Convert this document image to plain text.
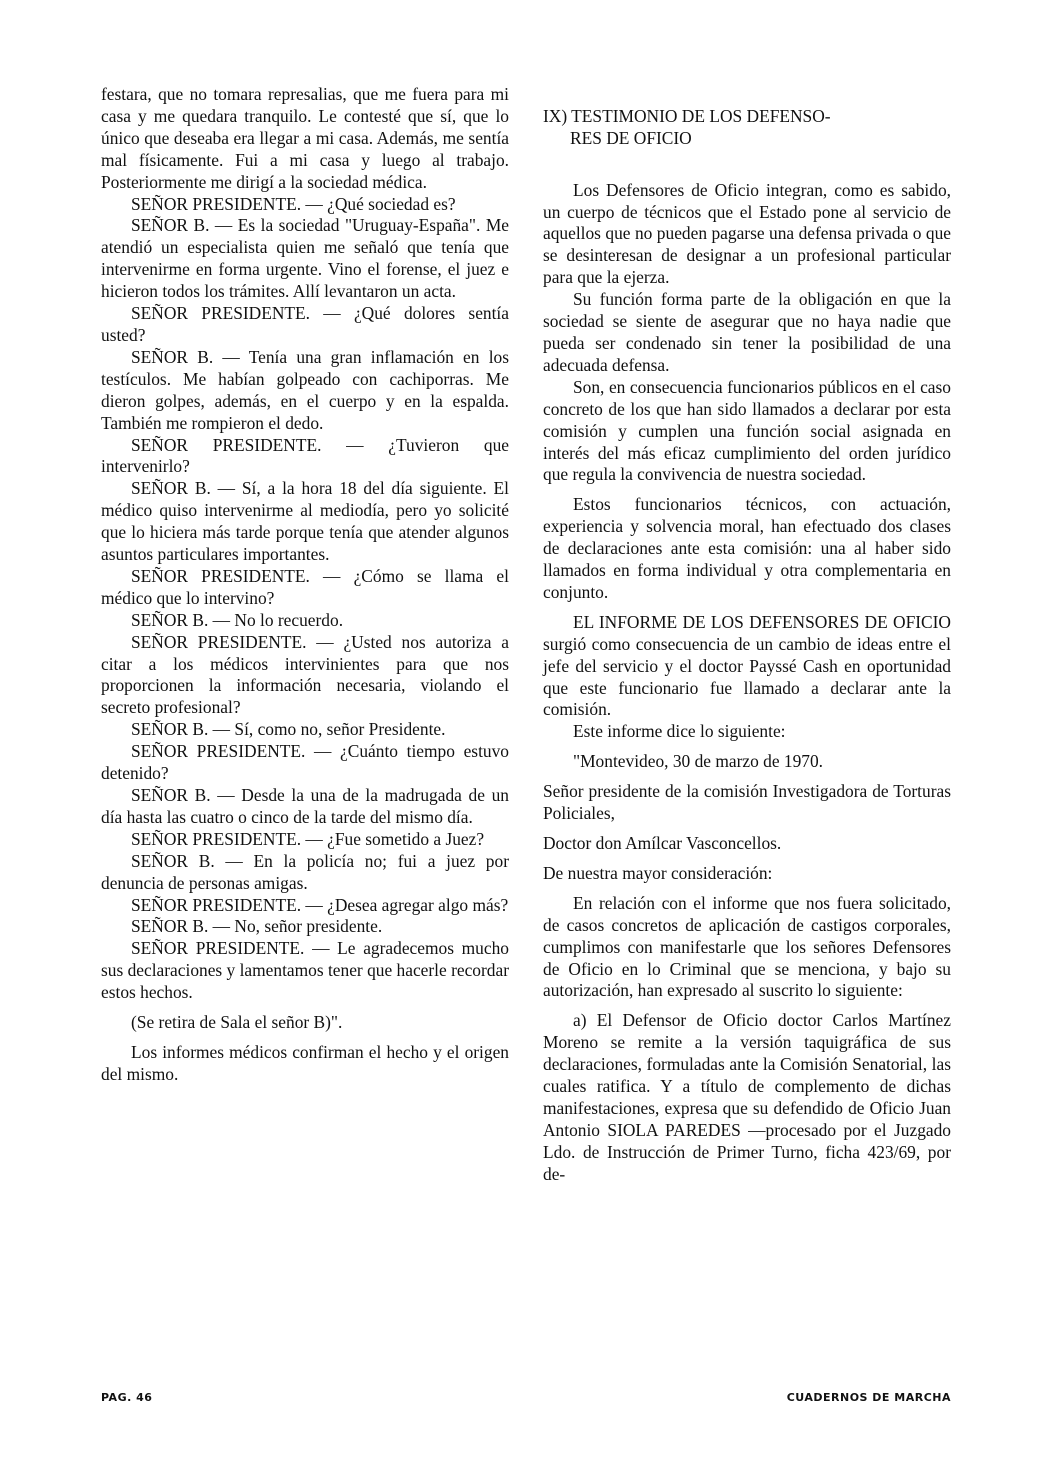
festara, que no tomara represalias, que me fuera para mi casa y me quedara tranquilo. Le contesté que sí, que lo único que deseaba era llegar a mi casa. Además, me sentía mal físicamente. Fui a mi casa y luego al trabajo. Posteriormente me dirigí a la sociedad médica.

SEÑOR PRESIDENTE. — ¿Qué sociedad es?

SEÑOR B. — Es la sociedad "Uruguay-España". Me atendió un especialista quien me señaló que tenía que intervenirme en forma urgente. Vino el forense, el juez e hicieron todos los trámites. Allí levantaron un acta.

SEÑOR PRESIDENTE. — ¿Qué dolores sentía usted?

SEÑOR B. — Tenía una gran inflamación en los testículos. Me habían golpeado con cachiporras. Me dieron golpes, además, en el cuerpo y en la espalda. También me rompieron el dedo.

SEÑOR PRESIDENTE. — ¿Tuvieron que intervenirlo?

SEÑOR B. — Sí, a la hora 18 del día siguiente. El médico quiso intervenirme al mediodía, pero yo solicité que lo hiciera más tarde porque tenía que atender algunos asuntos particulares importantes.

SEÑOR PRESIDENTE. — ¿Cómo se llama el médico que lo intervino?

SEÑOR B. — No lo recuerdo.

SEÑOR PRESIDENTE. — ¿Usted nos autoriza a citar a los médicos intervinientes para que nos proporcionen la información necesaria, violando el secreto profesional?

SEÑOR B. — Sí, como no, señor Presidente.

SEÑOR PRESIDENTE. — ¿Cuánto tiempo estuvo detenido?

SEÑOR B. — Desde la una de la madrugada de un día hasta las cuatro o cinco de la tarde del mismo día.

SEÑOR PRESIDENTE. — ¿Fue sometido a Juez?

SEÑOR B. — En la policía no; fui a juez por denuncia de personas amigas.

SEÑOR PRESIDENTE. — ¿Desea agregar algo más?

SEÑOR B. — No, señor presidente.

SEÑOR PRESIDENTE. — Le agradecemos mucho sus declaraciones y lamentamos tener que hacerle recordar estos hechos.

(Se retira de Sala el señor B)".

Los informes médicos confirman el hecho y el origen del mismo.

IX) TESTIMONIO DE LOS DEFENSO-

RES DE OFICIO

Los Defensores de Oficio integran, como es sabido, un cuerpo de técnicos que el Estado pone al servicio de aquellos que no pueden pagarse una defensa privada o que se desinteresan de designar a un profesional particular para que la ejerza.

Su función forma parte de la obligación en que la sociedad se siente de asegurar que no haya nadie que pueda ser condenado sin tener la posibilidad de una adecuada defensa.

Son, en consecuencia funcionarios públicos en el caso concreto de los que han sido llamados a declarar por esta comisión y cumplen una función social asignada en interés del más eficaz cumplimiento del orden jurídico que regula la convivencia de nuestra sociedad.

Estos funcionarios técnicos, con actuación, experiencia y solvencia moral, han efectuado dos clases de declaraciones ante esta comisión: una al haber sido llamados en forma individual y otra complementaria en conjunto.

EL INFORME DE LOS DEFENSORES DE OFICIO surgió como consecuencia de un cambio de ideas entre el jefe del servicio y el doctor Payssé Cash en oportunidad que este funcionario fue llamado a declarar ante la comisión.

Este informe dice lo siguiente:

"Montevideo, 30 de marzo de 1970.

Señor presidente de la comisión Investigadora de Torturas Policiales,

Doctor don Amílcar Vasconcellos.

De nuestra mayor consideración:

En relación con el informe que nos fuera solicitado, de casos concretos de aplicación de castigos corporales, cumplimos con manifestarle que los señores Defensores de Oficio en lo Criminal que se menciona, y bajo su autorización, han expresado al suscrito lo siguiente:

a) El Defensor de Oficio doctor Carlos Martínez Moreno se remite a la versión taquigráfica de sus declaraciones, formuladas ante la Comisión Senatorial, las cuales ratifica. Y a título de complemento de dichas manifestaciones, expresa que su defendido de Oficio Juan Antonio SIOLA PAREDES —procesado por el Juzgado Ldo. de Instrucción de Primer Turno, ficha 423/69, por de-

PAG. 46	CUADERNOS DE MARCHA
